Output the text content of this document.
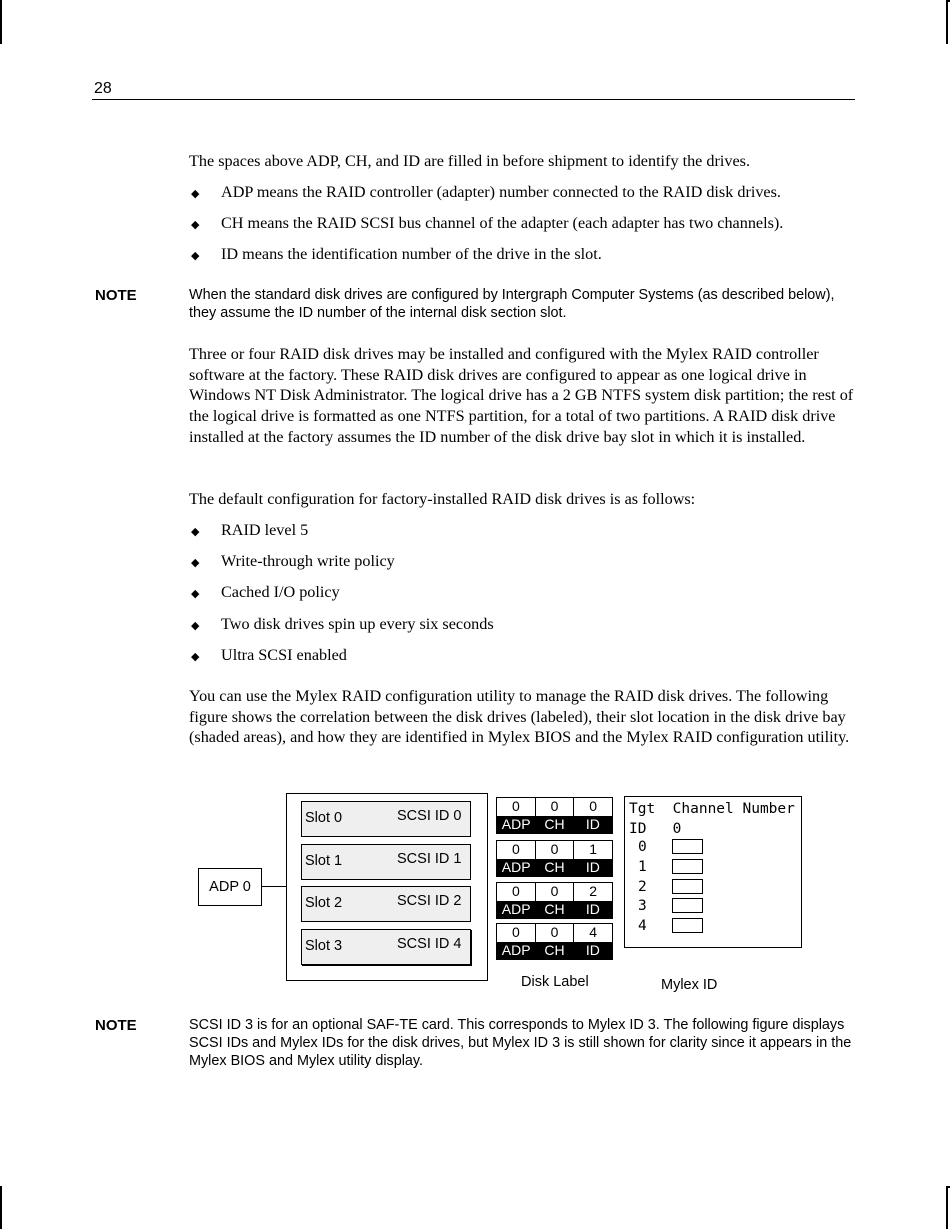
28
The spaces above ADP, CH, and ID are filled in before shipment to identify the drives.
◆ ADP means the RAID controller (adapter) number connected to the RAID disk drives.
◆ CH means the RAID SCSI bus channel of the adapter (each adapter has two channels).
◆ ID means the identification number of the drive in the slot.
NOTE	When the standard disk drives are configured by Intergraph Computer Systems (as described below), they assume the ID number of the internal disk section slot.
Three or four RAID disk drives may be installed and configured with the Mylex RAID controller software at the factory. These RAID disk drives are configured to appear as one logical drive in Windows NT Disk Administrator. The logical drive has a 2 GB NTFS system disk partition; the rest of the logical drive is formatted as one NTFS partition, for a total of two partitions. A RAID disk drive installed at the factory assumes the ID number of the disk drive bay slot in which it is installed.
The default configuration for factory-installed RAID disk drives is as follows:
◆ RAID level 5
◆ Write-through write policy
◆ Cached I/O policy
◆ Two disk drives spin up every six seconds
◆ Ultra SCSI enabled
You can use the Mylex RAID configuration utility to manage the RAID disk drives. The following figure shows the correlation between the disk drives (labeled), their slot location in the disk drive bay (shaded areas), and how they are identified in Mylex BIOS and the Mylex RAID configuration utility.
ADP 0
Slot 0	SCSI ID 0
Slot 1	SCSI ID 1
Slot 2	SCSI ID 2
Slot 3	SCSI ID 4
0	0	0
ADP CH	ID
0	0	1
ADP CH	ID
0	0	2
ADP CH	ID
0	0	4
ADP CH	ID
Tgt  Channel Number
ID   0
0
1
2
3
4
Disk Label	Mylex ID
NOTE	SCSI ID 3 is for an optional SAF-TE card. This corresponds to Mylex ID 3. The following figure displays SCSI IDs and Mylex IDs for the disk drives, but Mylex ID 3 is still shown for clarity since it appears in the Mylex BIOS and Mylex utility display.
